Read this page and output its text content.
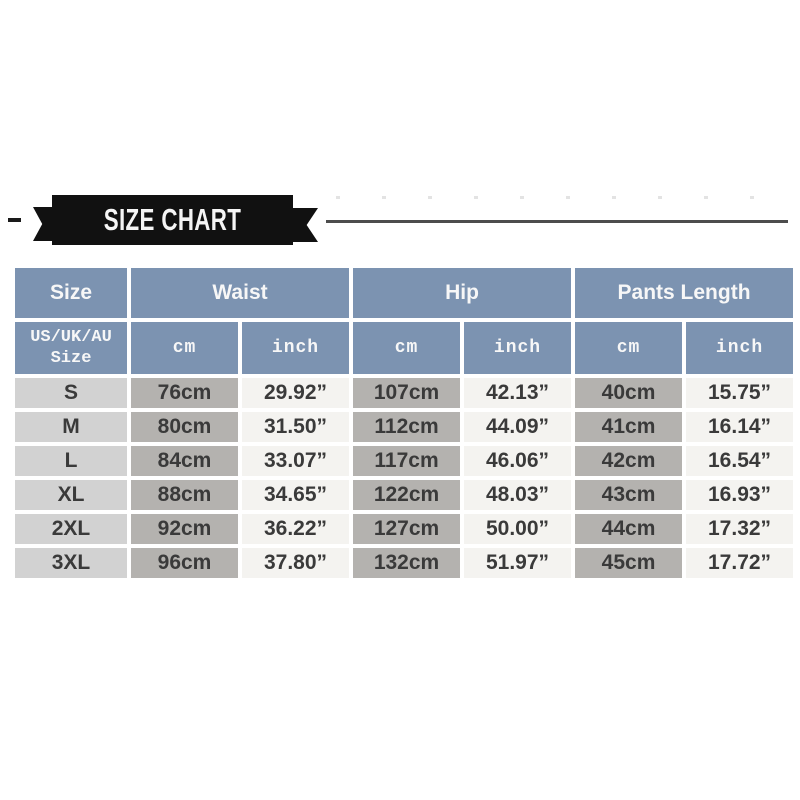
SIZE CHART
Size	Waist		Hip		Pants Length	

US/UK/AU
Size	cm	inch	cm	inch	cm	inch
S	76cm	29.92”	107cm	42.13”	40cm	15.75”
M	80cm	31.50”	112cm	44.09”	41cm	16.14”
L	84cm	33.07”	117cm	46.06”	42cm	16.54”
XL	88cm	34.65”	122cm	48.03”	43cm	16.93”
2XL	92cm	36.22”	127cm	50.00”	44cm	17.32”
3XL	96cm	37.80”	132cm	51.97”	45cm	17.72”
